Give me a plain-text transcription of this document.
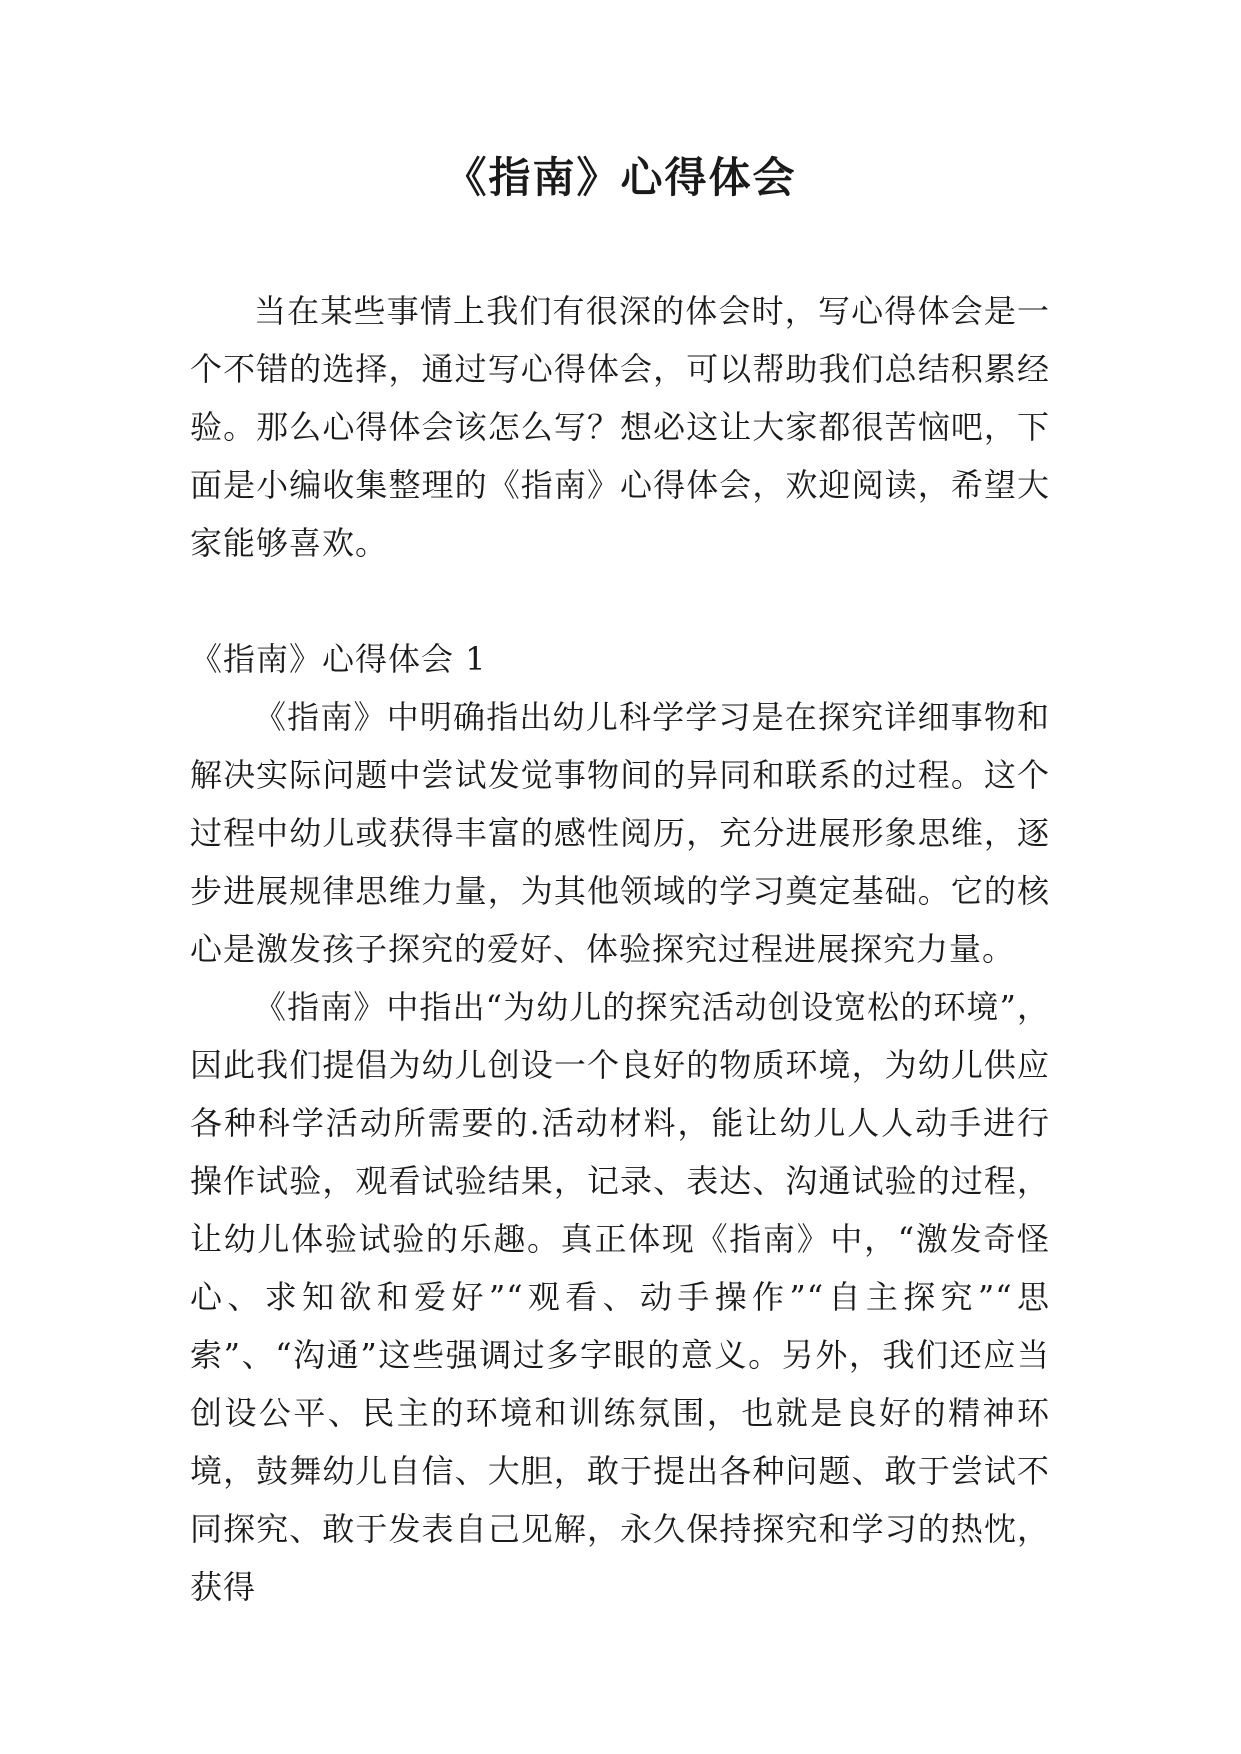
《指南》心得体会

当在某些事情上我们有很深的体会时，写心得体会是一个不错的选择，通过写心得体会，可以帮助我们总结积累经验。那么心得体会该怎么写？想必这让大家都很苦恼吧，下面是小编收集整理的《指南》心得体会，欢迎阅读，希望大家能够喜欢。

《指南》心得体会 1

《指南》中明确指出幼儿科学学习是在探究详细事物和解决实际问题中尝试发觉事物间的异同和联系的过程。这个过程中幼儿或获得丰富的感性阅历，充分进展形象思维，逐步进展规律思维力量，为其他领域的学习奠定基础。它的核心是激发孩子探究的爱好、体验探究过程进展探究力量。

《指南》中指出“为幼儿的探究活动创设宽松的环境”，因此我们提倡为幼儿创设一个良好的物质环境，为幼儿供应各种科学活动所需要的.活动材料，能让幼儿人人动手进行操作试验，观看试验结果，记录、表达、沟通试验的过程，让幼儿体验试验的乐趣。真正体现《指南》中，“激发奇怪心、求知欲和爱好”“观看、动手操作”“自主探究”“思索”、“沟通”这些强调过多字眼的意义。另外，我们还应当创设公平、民主的环境和训练氛围，也就是良好的精神环境，鼓舞幼儿自信、大胆，敢于提出各种问题、敢于尝试不同探究、敢于发表自己见解，永久保持探究和学习的热忱，获得
